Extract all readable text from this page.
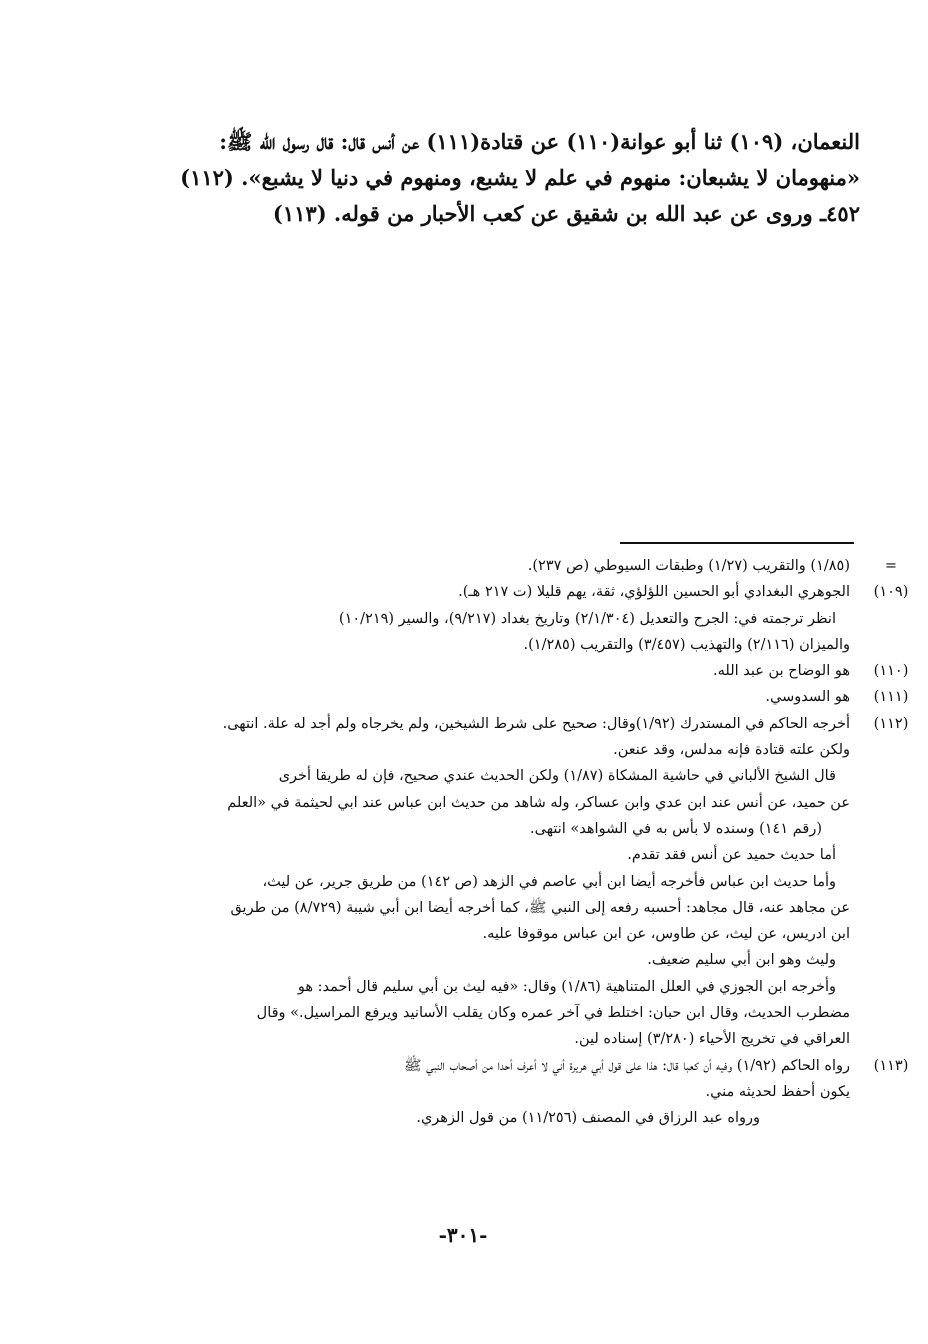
النعمان، (١٠٩) ثنا أبو عوانة(١١٠) عن قتادة(١١١) عن أنس قال: قال رسول الله ﷺ:
«منهومان لا يشبعان: منهوم في علم لا يشبع، ومنهوم في دنيا لا يشبع». (١١٢)
٤٥٢ـ وروى عن عبد الله بن شقيق عن كعب الأحبار من قوله. (١١٣)
=
(١/٨٥) والتقريب (١/٢٧) وطبقات السيوطي (ص ٢٣٧).
(١٠٩)
الجوهري البغدادي أبو الحسين اللؤلؤي، ثقة، يهم قليلا (ت ٢١٧ هـ).
انظر ترجمته في: الجرح والتعديل (٢/١/٣٠٤) وتاريخ بغداد (٩/٢١٧)، والسير (١٠/٢١٩)
والميزان (٢/١١٦) والتهذيب (٣/٤٥٧) والتقريب (١/٢٨٥).
(١١٠)
هو الوضاح بن عبد الله.
(١١١)
هو السدوسي.
(١١٢)
أخرجه الحاكم في المستدرك (١/٩٢)وقال: صحيح على شرط الشيخين، ولم يخرجاه ولم أجد له علة. انتهى.
ولكن علته قتادة فإنه مدلس، وقد عنعن.
قال الشيخ الألباني في حاشية المشكاة (١/٨٧) ولكن الحديث عندي صحيح، فإن له طريقا أخرى
عن حميد، عن أنس عند ابن عدي وابن عساكر، وله شاهد من حديث ابن عباس عند ابي لحيثمة في «العلم
(رقم ١٤١) وسنده لا بأس به في الشواهد» انتهى.
أما حديث حميد عن أنس فقد تقدم.
وأما حديث ابن عباس فأخرجه أيضا ابن أبي عاصم في الزهد (ص ١٤٢) من طريق جرير، عن ليث،
عن مجاهد عنه، قال مجاهد: أحسبه رفعه إلى النبي ﷺ، كما أخرجه أيضا ابن أبي شيبة (٨/٧٢٩) من طريق
ابن ادريس، عن ليث، عن طاوس، عن ابن عباس موقوفا عليه.
وليث وهو ابن أبي سليم ضعيف.
وأخرجه ابن الجوزي في العلل المتناهية (١/٨٦) وقال: «فيه ليث بن أبي سليم قال أحمد: هو
مضطرب الحديث، وقال ابن حبان: اختلط في آخر عمره وكان يقلب الأسانيد ويرفع المراسيل.» وقال
العراقي في تخريج الأحياء (٣/٢٨٠) إسناده لين.
(١١٣)
رواه الحاكم (١/٩٢) وفيه أن كعبا قال: هذا على قول أبي هريرة أني لا أعرف أحدا من أصحاب النبي ﷺ
يكون أحفظ لحديثه مني.
ورواه عبد الرزاق في المصنف (١١/٢٥٦) من قول الزهري.
-٣٠١-
